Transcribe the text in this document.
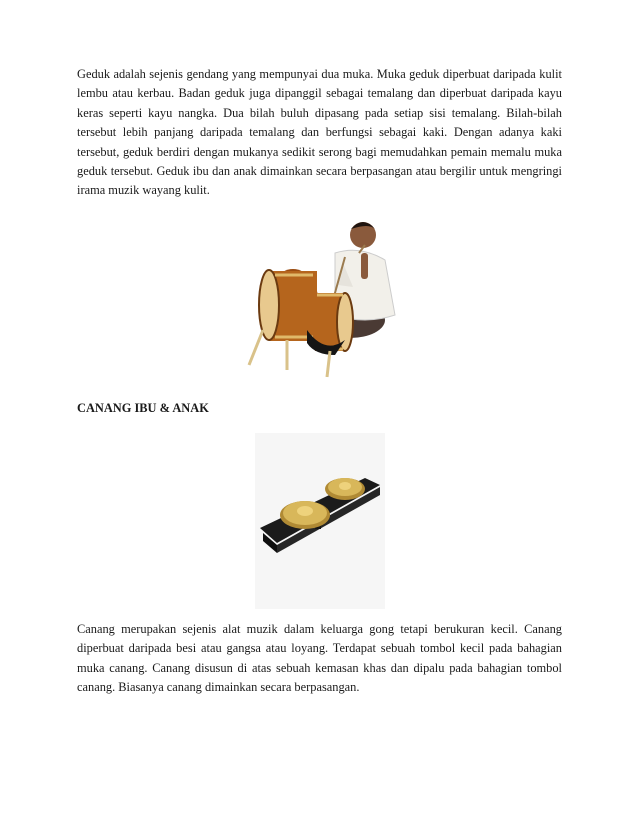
Geduk adalah sejenis gendang yang mempunyai dua muka. Muka geduk diperbuat daripada kulit lembu atau kerbau. Badan geduk juga dipanggil sebagai temalang dan diperbuat daripada kayu keras seperti kayu nangka. Dua bilah buluh dipasang pada setiap sisi temalang. Bilah-bilah tersebut lebih panjang daripada temalang dan berfungsi sebagai kaki. Dengan adanya kaki tersebut, geduk berdiri dengan mukanya sedikit serong bagi memudahkan pemain memalu muka geduk tersebut. Geduk ibu dan anak dimainkan secara berpasangan atau bergilir untuk mengringi irama muzik wayang kulit.

CANANG IBU & ANAK

Canang merupakan sejenis alat muzik dalam keluarga gong tetapi berukuran kecil. Canang diperbuat daripada besi atau gangsa atau loyang. Terdapat sebuah tombol kecil pada bahagian muka canang. Canang disusun di atas sebuah kemasan khas dan dipalu pada bahagian tombol canang. Biasanya canang dimainkan secara berpasangan.
